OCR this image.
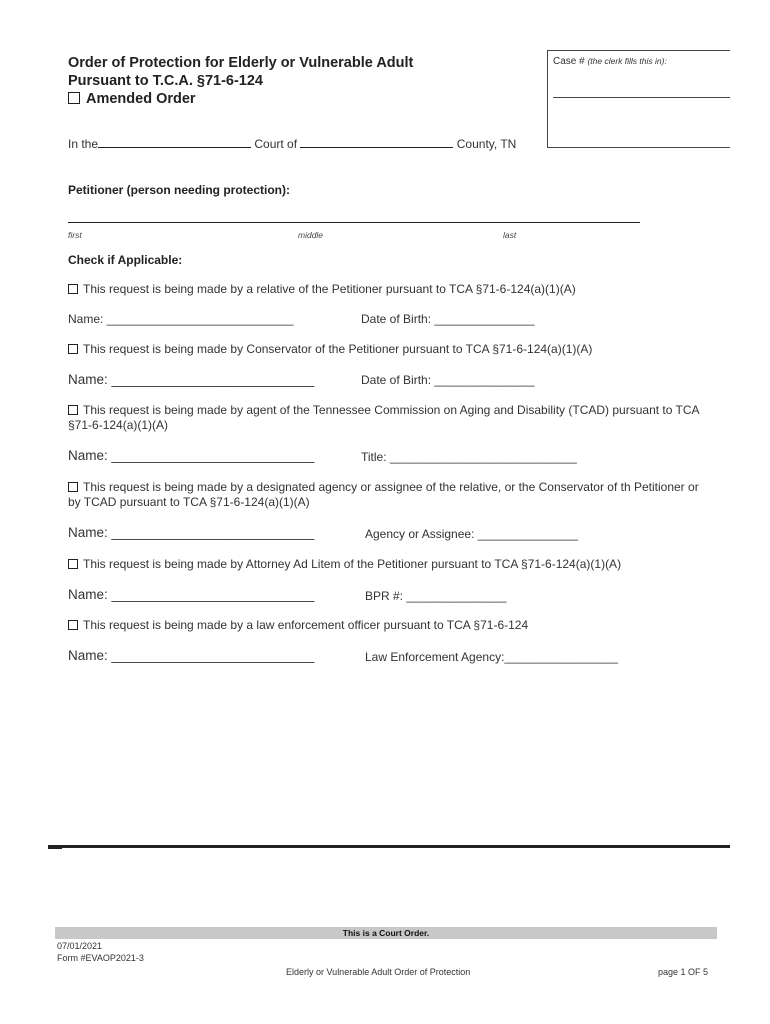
Order of Protection for Elderly or Vulnerable Adult
Pursuant to T.C.A. §71-6-124
Amended Order
Case # (the clerk fills this in):
In the	Court of	County, TN
Petitioner (person needing protection):
first	middle	last
Check if Applicable:
This request is being made by a relative of the Petitioner pursuant to TCA §71-6-124(a)(1)(A)
Name: ____________________________	Date of Birth: _______________
This request is being made by Conservator of the Petitioner pursuant to TCA §71-6-124(a)(1)(A)
Name: ___________________________	Date of Birth: _______________
This request is being made by agent of the Tennessee Commission on Aging and Disability (TCAD) pursuant to TCA
§71-6-124(a)(1)(A)
Name: ___________________________	Title: ____________________________
This request is being made by a designated agency or assignee of the relative, or the Conservator of th Petitioner or
by TCAD pursuant to TCA §71-6-124(a)(1)(A)
Name: ___________________________	Agency or Assignee: _______________
This request is being made by Attorney Ad Litem of the Petitioner pursuant to TCA §71-6-124(a)(1)(A)
Name: ___________________________	BPR #: _______________
This request is being made by a law enforcement officer pursuant to TCA §71-6-124
Name: ___________________________	Law Enforcement Agency:_________________
This is a Court Order.
07/01/2021
Form #EVAOP2021-3
Elderly or Vulnerable Adult Order of Protection	page 1 OF 5
